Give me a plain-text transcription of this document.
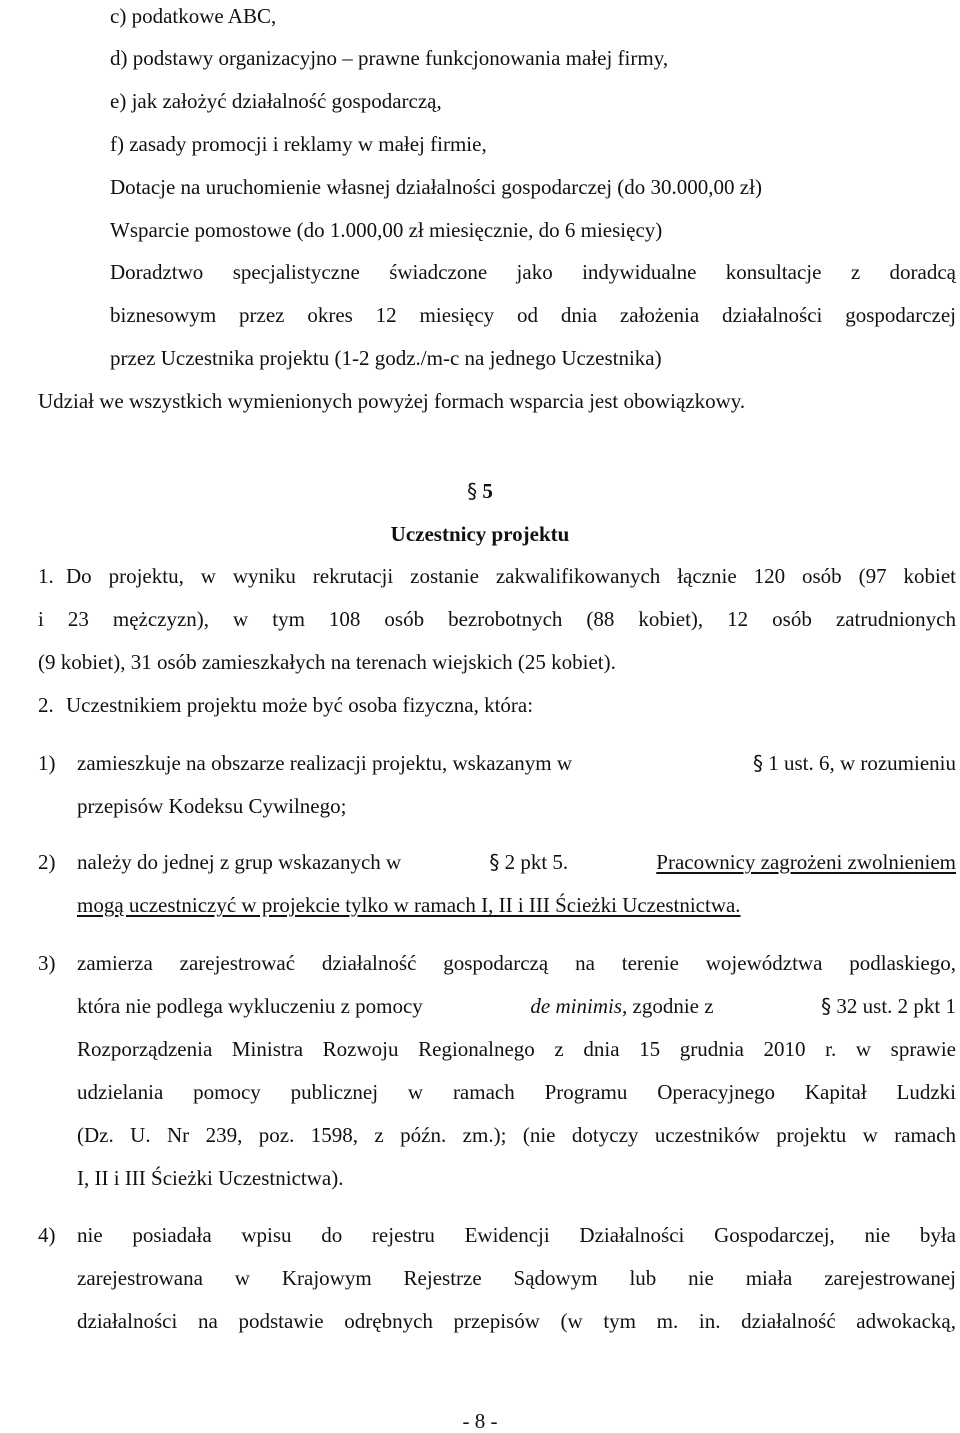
c) podatkowe ABC,
d) podstawy organizacyjno – prawne funkcjonowania małej firmy,
e) jak założyć działalność gospodarczą,
f) zasady promocji i reklamy w małej firmie,
Dotacje na uruchomienie własnej działalności gospodarczej (do 30.000,00 zł)
Wsparcie pomostowe (do 1.000,00 zł miesięcznie, do 6 miesięcy)
Doradztwo specjalistyczne świadczone jako indywidualne konsultacje z doradcą
biznesowym przez okres 12 miesięcy od dnia założenia działalności gospodarczej
przez Uczestnika projektu (1-2 godz./m-c na jednego Uczestnika)
Udział we wszystkich wymienionych powyżej formach wsparcia jest obowiązkowy.
§ 5
Uczestnicy projektu
1. Do projektu, w wyniku rekrutacji zostanie zakwalifikowanych łącznie 120 osób (97 kobiet
i 23 mężczyzn), w tym 108 osób bezrobotnych (88 kobiet), 12 osób zatrudnionych
(9 kobiet), 31 osób zamieszkałych na terenach wiejskich (25 kobiet).
2. Uczestnikiem projektu może być osoba fizyczna, która:
1) zamieszkuje na obszarze realizacji projektu, wskazanym w	§ 1 ust. 6, w rozumieniu
przepisów Kodeksu Cywilnego;
2) należy do jednej z grup wskazanych w	§ 2 pkt 5.	Pracownicy zagrożeni zwolnieniem
mogą uczestniczyć w projekcie tylko w ramach I, II i III Ścieżki Uczestnictwa.
3) zamierza zarejestrować działalność gospodarczą na terenie województwa podlaskiego,
która nie podlega wykluczeniu z pomocy	de minimis, zgodnie z	§ 32 ust. 2 pkt 1
Rozporządzenia Ministra Rozwoju Regionalnego z dnia 15 grudnia 2010 r. w sprawie
udzielania pomocy publicznej w ramach Programu Operacyjnego Kapitał Ludzki
(Dz. U. Nr 239, poz. 1598, z późn. zm.); (nie dotyczy uczestników projektu w ramach
I, II i III Ścieżki Uczestnictwa).
4) nie posiadała wpisu do rejestru Ewidencji Działalności Gospodarczej, nie była
zarejestrowana w Krajowym Rejestrze Sądowym lub nie miała zarejestrowanej
działalności na podstawie odrębnych przepisów (w tym m. in. działalność adwokacką,
- 8 -
